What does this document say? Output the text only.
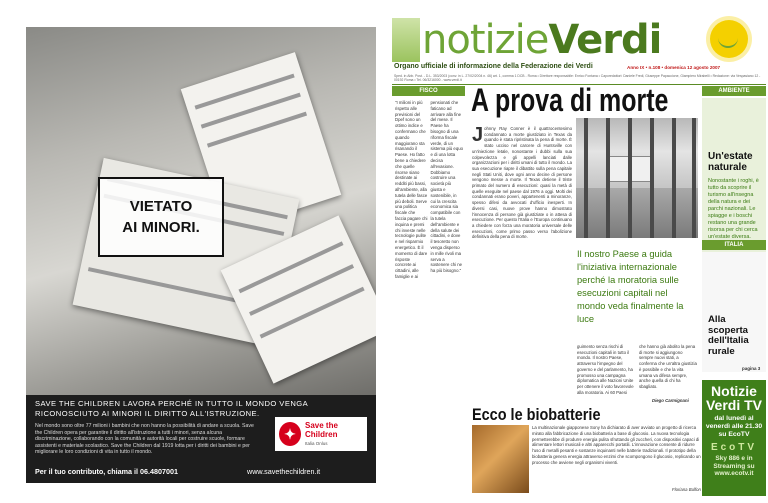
VIETATO
AI MINORI.
SAVE THE CHILDREN LAVORA PERCHÉ IN TUTTO IL MONDO VENGA RICONOSCIUTO AI MINORI IL DIRITTO ALL'ISTRUZIONE.
Nel mondo sono oltre 77 milioni i bambini che non hanno la possibilità di andare a scuola. Save the Children opera per garantire il diritto all'istruzione a tutti i minori, senza alcuna discriminazione, collaborando con la comunità e autorità locali per costruire scuole, formare assistenti e materiale scolastico. Save the Children dal 1919 lotta per i diritti dei bambini e per migliorare le loro condizioni di vita in tutto il mondo.
✦
Save the Children
Italia Onlus
Per il tuo contributo, chiama il 06.4807001	www.savethechildren.it
notizieVerdi
Organo ufficiale di informazione della Federazione dei Verdi	Anno IX • n.108 • domenica 12 agosto 2007
Sped. in Abb. Post. - D.L. 353/2003 (conv. in L. 27/02/2004 n. 46) art. 1, comma 1 DCB - Roma • Direttore responsabile: Enrico Fontana • Caporedattori: Daniele Fredi, Giuseppe Papaccione, Giampiero Mirabelli • Redazione: via Vespasiano 12 - 00192 Roma • Tel. 06/3216000 - www.verdi.it
FISCO
"I milioni in più rispetto alle previsioni del Dpef sono un ottimo indice e confermano che quando maggiorano sta risanando il Paese. Ho fatto bene a chiedere che quelle risorse siano destinate ai redditi più bassi, all'ambiente, alla tutela delle fasce più deboli. Serve una politica fiscale che faccia pagare chi inquina e premi chi investe nelle tecnologie pulite e nel risparmio energetico. È il momento di dare risposte concrete ai cittadini, alle famiglie e ai pensionati che faticano ad arrivare alla fine del mese. Il Paese ha bisogno di una riforma fiscale verde, di un sistema più equo e di una lotta decisa all'evasione. Dobbiamo costruire una società più giusta e sostenibile, in cui la crescita economica sia compatibile con la tutela dell'ambiente e della salute dei cittadini, e dove il tesoretto non venga disperso in mille rivoli ma serva a sostenere chi ne ha più bisogno."
A prova di morte
Johnny Ray Conner è il quattrocentesimo condannato a morte giustiziato in Texas da quando è stata ripristinata la pena di morte. È stato ucciso nel carcere di Huntsville con un'iniezione letale, nonostante i dubbi sulla sua colpevolezza e gli appelli lanciati dalle organizzazioni per i diritti umani di tutto il mondo. La sua esecuzione riapre il dibattito sulla pena capitale negli Stati Uniti, dove ogni anno decine di persone vengono messe a morte. Il Texas detiene il triste primato del numero di esecuzioni: quasi la metà di quelle eseguite nel paese dal 1976 a oggi. Molti dei condannati erano poveri, appartenenti a minoranze, spesso difesi da avvocati d'ufficio inesperti. In diversi casi, nuove prove hanno dimostrato l'innocenza di persone già giustiziate o in attesa di esecuzione. Per questo l'Italia e l'Europa continuano a chiedere con forza una moratoria universale delle esecuzioni, come primo passo verso l'abolizione definitiva della pena di morte.
Il nostro Paese a guida l'iniziativa internazionale perché la moratoria sulle esecuzioni capitali nel mondo veda finalmente la luce
guimento senza rischi di esecuzioni capitali in tutto il mondo. Il nostro Paese, attraverso l'impegno del governo e del parlamento, ha promosso una campagna diplomatica alle Nazioni Unite per ottenere il voto favorevole alla moratoria. Ai 60 Paesi che hanno già abolito la pena di morte si aggiungono sempre nuovi stati, a conferma che un'altra giustizia è possibile e che la vita umana va difesa sempre, anche quella di chi ha sbagliato.
Diego Carmignani
Ecco le biobatterie
La multinazionale giapponese Sony ha dichiarato di aver avviato un progetto di ricerca mirato alla fabbricazione di una biobatteria a base di glucosio. La nuova tecnologia permetterebbe di produrre energia pulita sfruttando gli zuccheri, con dispositivi capaci di alimentare lettori musicali e altri apparecchi portatili. L'innovazione consente di ridurre l'uso di metalli pesanti e sostanze inquinanti nelle batterie tradizionali. Il prototipo della biobatteria genera energia attraverso enzimi che scompongono il glucosio, replicando un processo che avviene negli organismi viventi.
Floriana Bulfon
AMBIENTE
Un'estate naturale
Nonostante i roghi, è tutto da scoprire il turismo all'insegna della natura e dei parchi nazionali. Le spiagge e i boschi restano una grande risorsa per chi cerca un'estate diversa.
ITALIA
Alla scoperta dell'Italia rurale
pagina 3
Notizie Verdi TV
dal lunedì al venerdì alle 21.30 su EcoTV
EcoTV
Sky 886 e in Streaming su www.ecotv.it
